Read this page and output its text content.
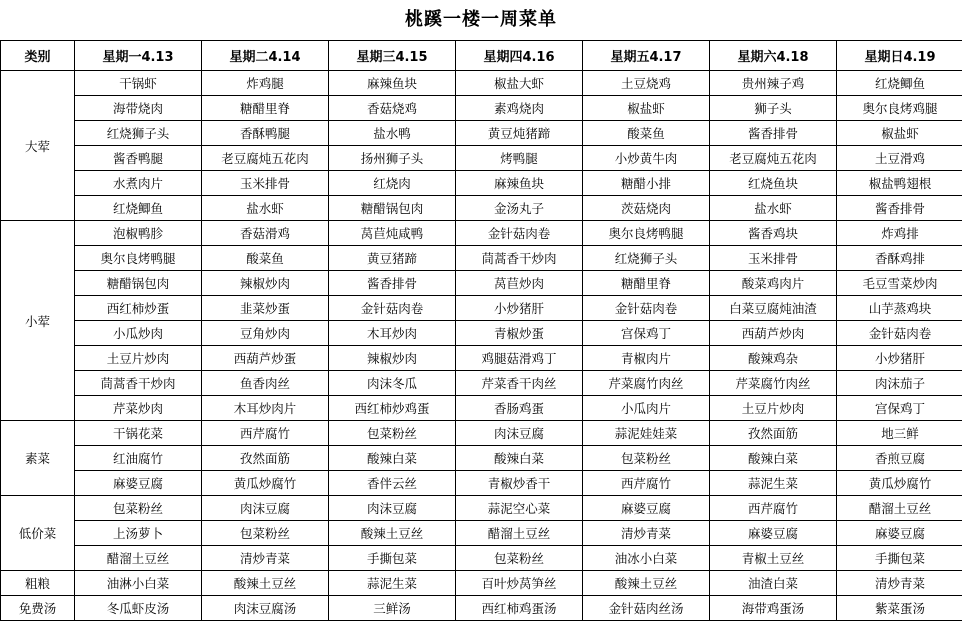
桃蹊一楼一周菜单
类别	星期一4.13	星期二4.14	星期三4.15	星期四4.16	星期五4.17	星期六4.18	星期日4.19
大荤	干锅虾	炸鸡腿	麻辣鱼块	椒盐大虾	土豆烧鸡	贵州辣子鸡	红烧鲫鱼
	海带烧肉	糖醋里脊	香菇烧鸡	素鸡烧肉	椒盐虾	狮子头	奥尔良烤鸡腿
	红烧狮子头	香酥鸭腿	盐水鸭	黄豆炖猪蹄	酸菜鱼	酱香排骨	椒盐虾
	酱香鸭腿	老豆腐炖五花肉	扬州狮子头	烤鸭腿	小炒黄牛肉	老豆腐炖五花肉	土豆滑鸡
	水煮肉片	玉米排骨	红烧肉	麻辣鱼块	糖醋小排	红烧鱼块	椒盐鸭翅根
	红烧鲫鱼	盐水虾	糖醋锅包肉	金汤丸子	茨菇烧肉	盐水虾	酱香排骨
小荤	泡椒鸭胗	香菇滑鸡	莴苣炖咸鸭	金针菇肉卷	奥尔良烤鸭腿	酱香鸡块	炸鸡排
	奥尔良烤鸭腿	酸菜鱼	黄豆猪蹄	茼蒿香干炒肉	红烧狮子头	玉米排骨	香酥鸡排
	糖醋锅包肉	辣椒炒肉	酱香排骨	莴苣炒肉	糖醋里脊	酸菜鸡肉片	毛豆雪菜炒肉
	西红柿炒蛋	韭菜炒蛋	金针菇肉卷	小炒猪肝	金针菇肉卷	白菜豆腐炖油渣	山芋蒸鸡块
	小瓜炒肉	豆角炒肉	木耳炒肉	青椒炒蛋	宫保鸡丁	西葫芦炒肉	金针菇肉卷
	土豆片炒肉	西葫芦炒蛋	辣椒炒肉	鸡腿菇滑鸡丁	青椒肉片	酸辣鸡杂	小炒猪肝
	茼蒿香干炒肉	鱼香肉丝	肉沫冬瓜	芹菜香干肉丝	芹菜腐竹肉丝	芹菜腐竹肉丝	肉沫茄子
	芹菜炒肉	木耳炒肉片	西红柿炒鸡蛋	香肠鸡蛋	小瓜肉片	土豆片炒肉	宫保鸡丁
素菜	干锅花菜	西芹腐竹	包菜粉丝	肉沫豆腐	蒜泥娃娃菜	孜然面筋	地三鲜
	红油腐竹	孜然面筋	酸辣白菜	酸辣白菜	包菜粉丝	酸辣白菜	香煎豆腐
	麻婆豆腐	黄瓜炒腐竹	香伴云丝	青椒炒香干	西芹腐竹	蒜泥生菜	黄瓜炒腐竹
低价菜	包菜粉丝	肉沫豆腐	肉沫豆腐	蒜泥空心菜	麻婆豆腐	西芹腐竹	醋溜土豆丝
	上汤萝卜	包菜粉丝	酸辣土豆丝	醋溜土豆丝	清炒青菜	麻婆豆腐	麻婆豆腐
	醋溜土豆丝	清炒青菜	手撕包菜	包菜粉丝	油冰小白菜	青椒土豆丝	手撕包菜
粗粮	油淋小白菜	酸辣土豆丝	蒜泥生菜	百叶炒莴笋丝	酸辣土豆丝	油渣白菜	清炒青菜
免费汤	冬瓜虾皮汤	肉沫豆腐汤	三鲜汤	西红柿鸡蛋汤	金针菇肉丝汤	海带鸡蛋汤	紫菜蛋汤
